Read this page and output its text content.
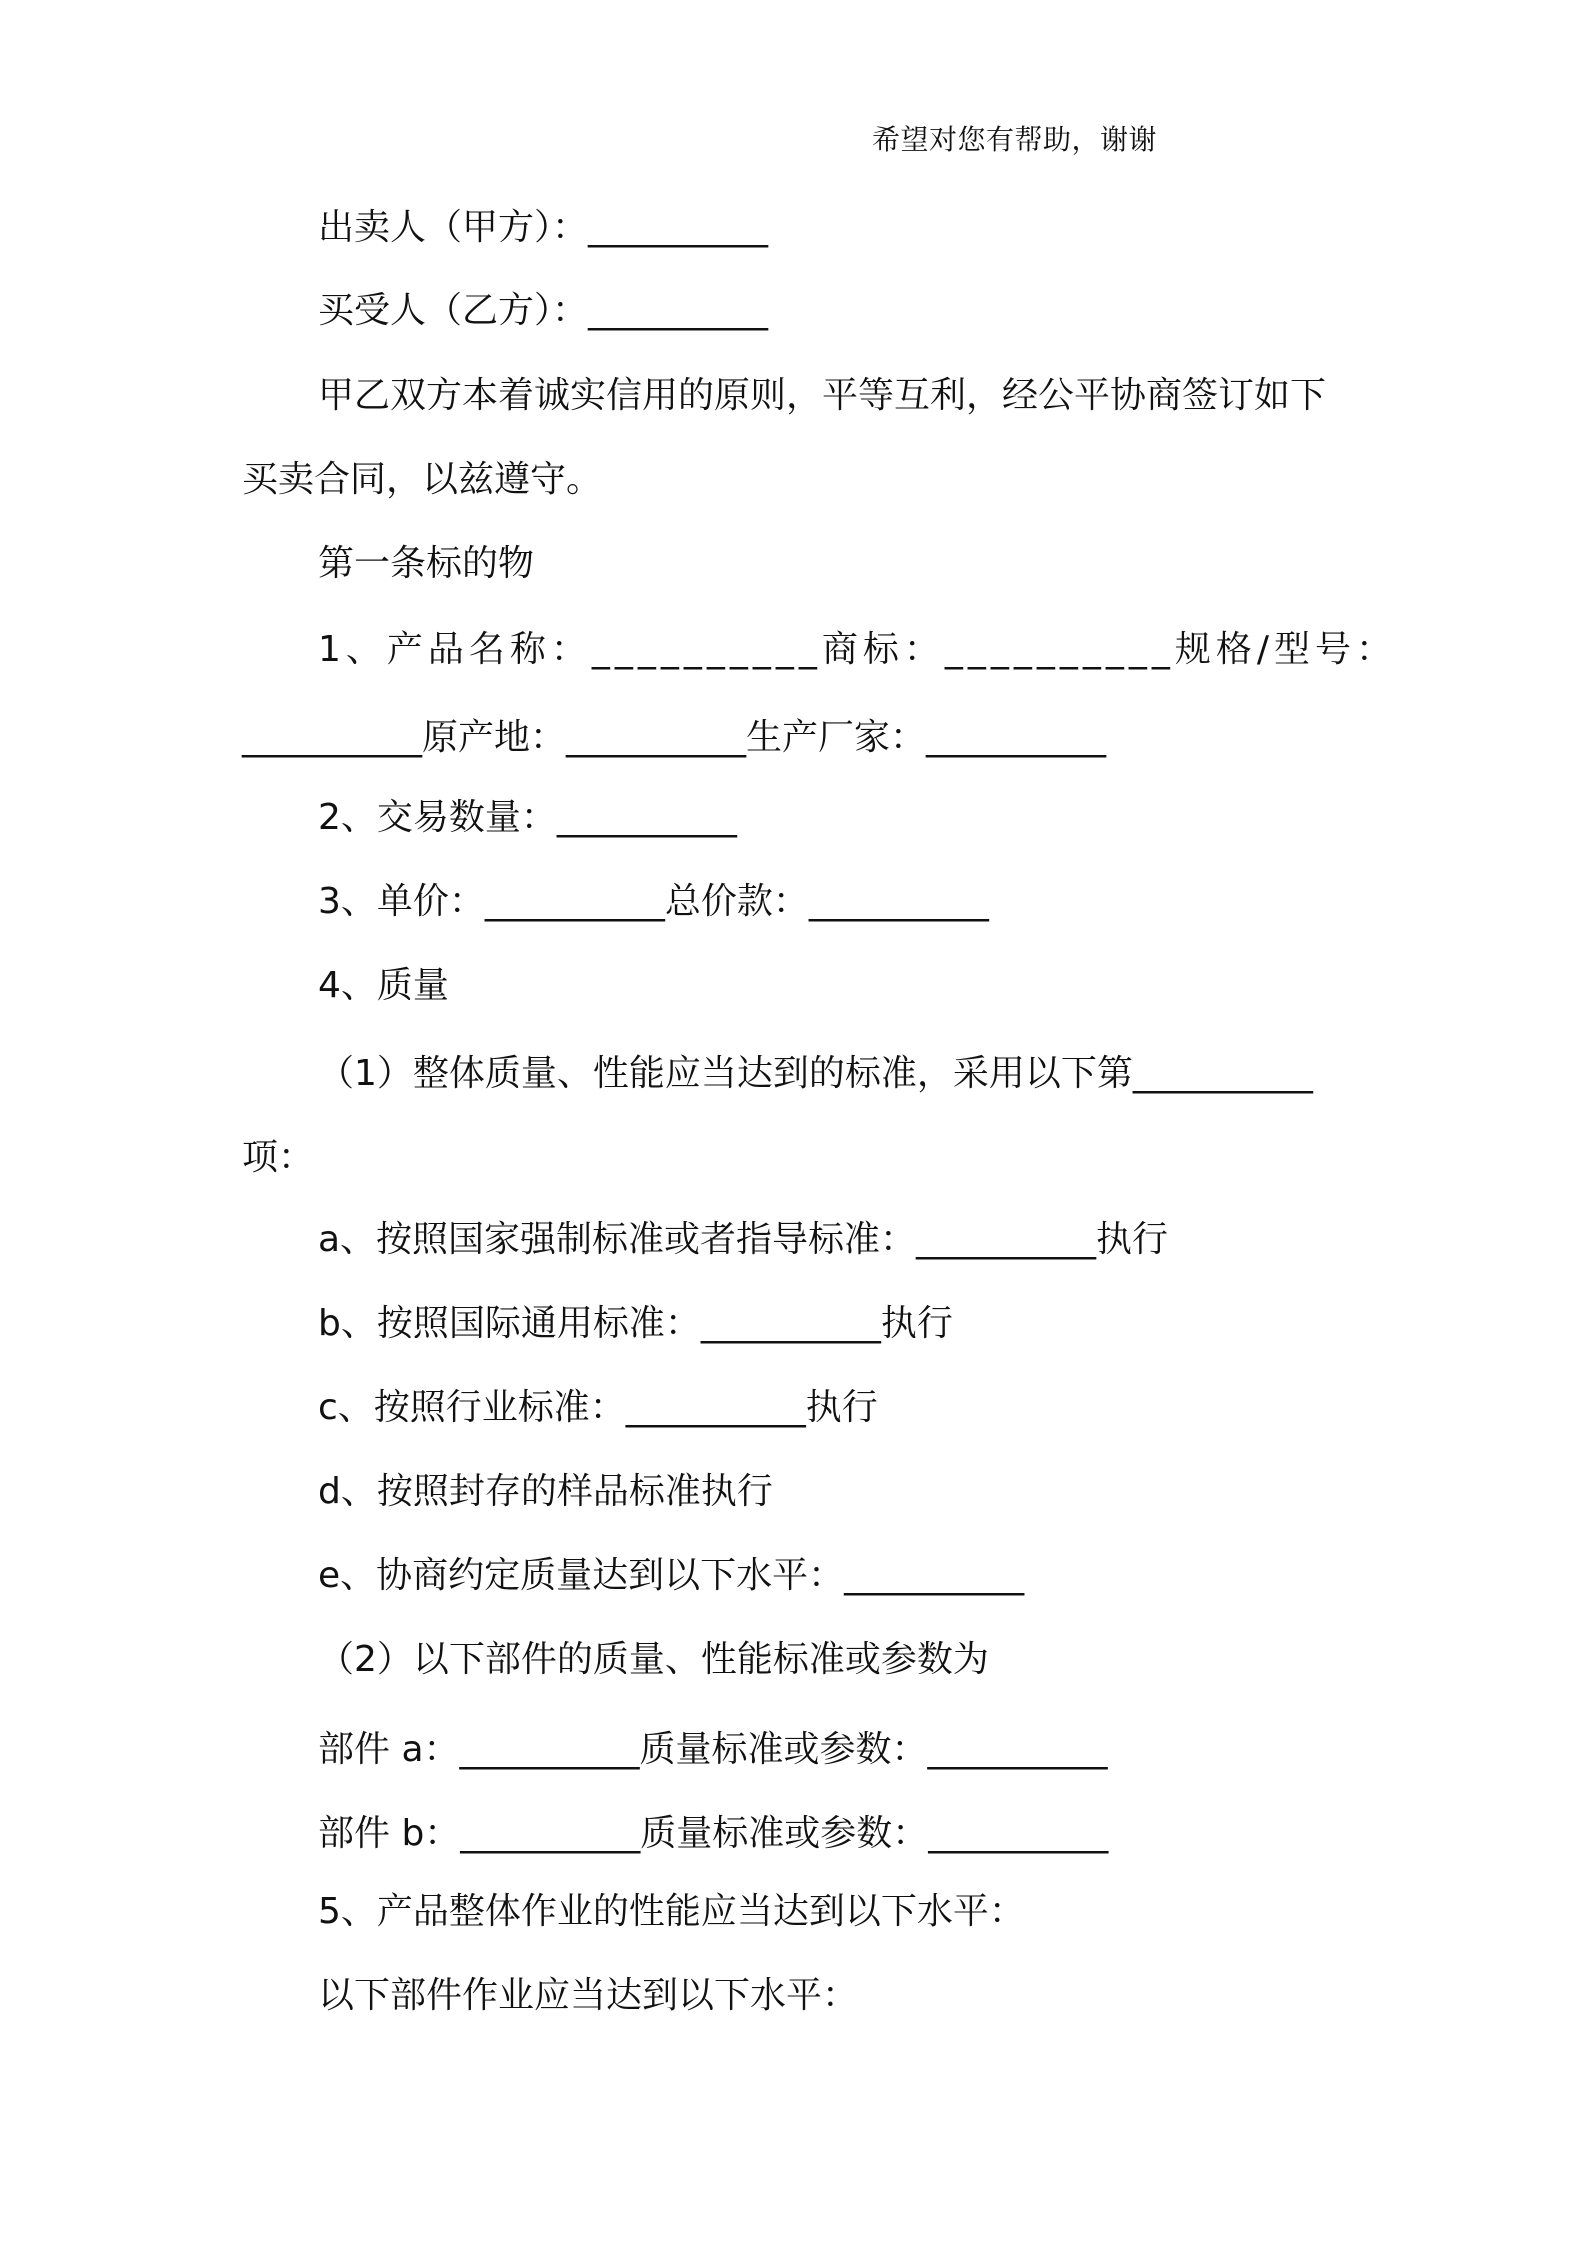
希望对您有帮助，谢谢
出卖人（甲方）：__________
买受人（乙方）：__________
甲乙双方本着诚实信用的原则，平等互利，经公平协商签订如下
买卖合同，以兹遵守。
第一条标的物
1、产品名称：__________商标：__________规格/型号：
__________原产地：__________生产厂家：__________
2、交易数量：__________
3、单价：__________总价款：__________
4、质量
（1）整体质量、性能应当达到的标准，采用以下第__________
项：
a、按照国家强制标准或者指导标准：__________执行
b、按照国际通用标准：__________执行
c、按照行业标准：__________执行
d、按照封存的样品标准执行
e、协商约定质量达到以下水平：__________
（2）以下部件的质量、性能标准或参数为
部件 a：__________质量标准或参数：__________
部件 b：__________质量标准或参数：__________
5、产品整体作业的性能应当达到以下水平：
以下部件作业应当达到以下水平：
